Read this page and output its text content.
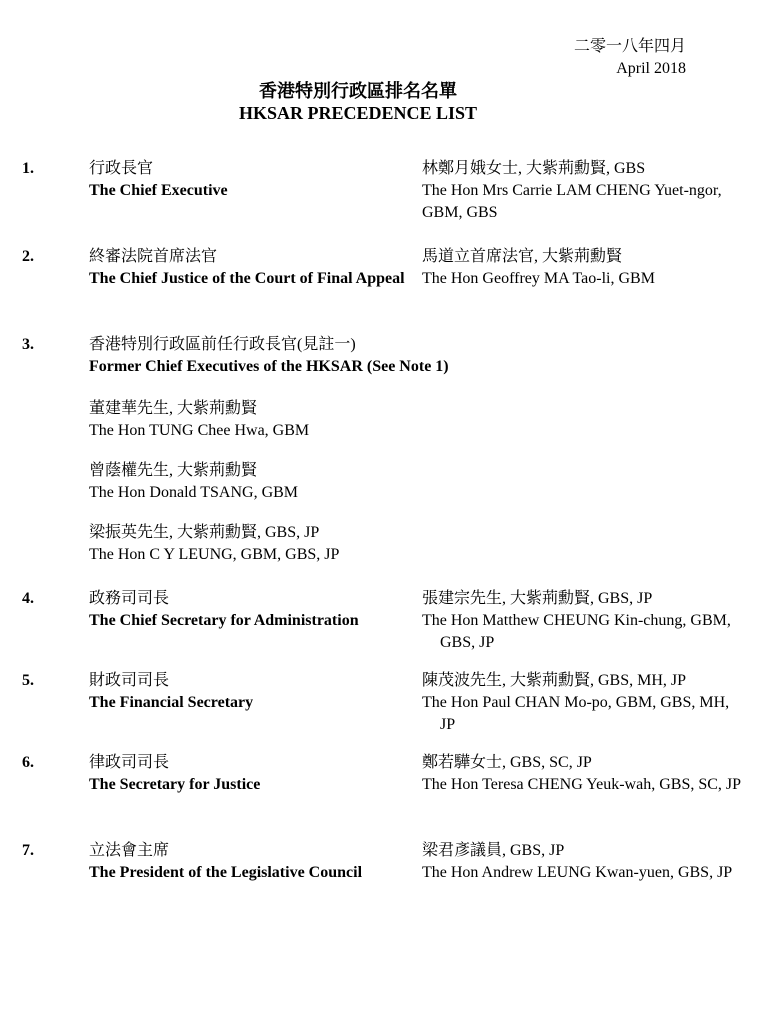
二零一八年四月
April 2018
香港特別行政區排名名單
HKSAR PRECEDENCE LIST
1.	行政長官
The Chief Executive
林鄭月娥女士, 大紫荊勳賢, GBS
The Hon Mrs Carrie LAM CHENG Yuet-ngor, GBM, GBS
2.	終審法院首席法官
The Chief Justice of the Court of Final Appeal
馬道立首席法官, 大紫荊勳賢
The Hon Geoffrey MA Tao-li, GBM
3.	香港特別行政區前任行政長官(見註一)
Former Chief Executives of the HKSAR (See Note 1)
董建華先生, 大紫荊勳賢
The Hon TUNG Chee Hwa, GBM
曾蔭權先生, 大紫荊勳賢
The Hon Donald TSANG, GBM
梁振英先生, 大紫荊勳賢, GBS, JP
The Hon C Y LEUNG, GBM, GBS, JP
4.	政務司司長
The Chief Secretary for Administration
張建宗先生, 大紫荊勳賢, GBS, JP
The Hon Matthew CHEUNG Kin-chung, GBM, GBS, JP
5.	財政司司長
The Financial Secretary
陳茂波先生, 大紫荊勳賢, GBS, MH, JP
The Hon Paul CHAN Mo-po, GBM, GBS, MH, JP
6.	律政司司長
The Secretary for Justice
鄭若驊女士, GBS, SC, JP
The Hon Teresa CHENG Yeuk-wah, GBS, SC, JP
7.	立法會主席
The President of the Legislative Council
梁君彥議員, GBS, JP
The Hon Andrew LEUNG Kwan-yuen, GBS, JP
